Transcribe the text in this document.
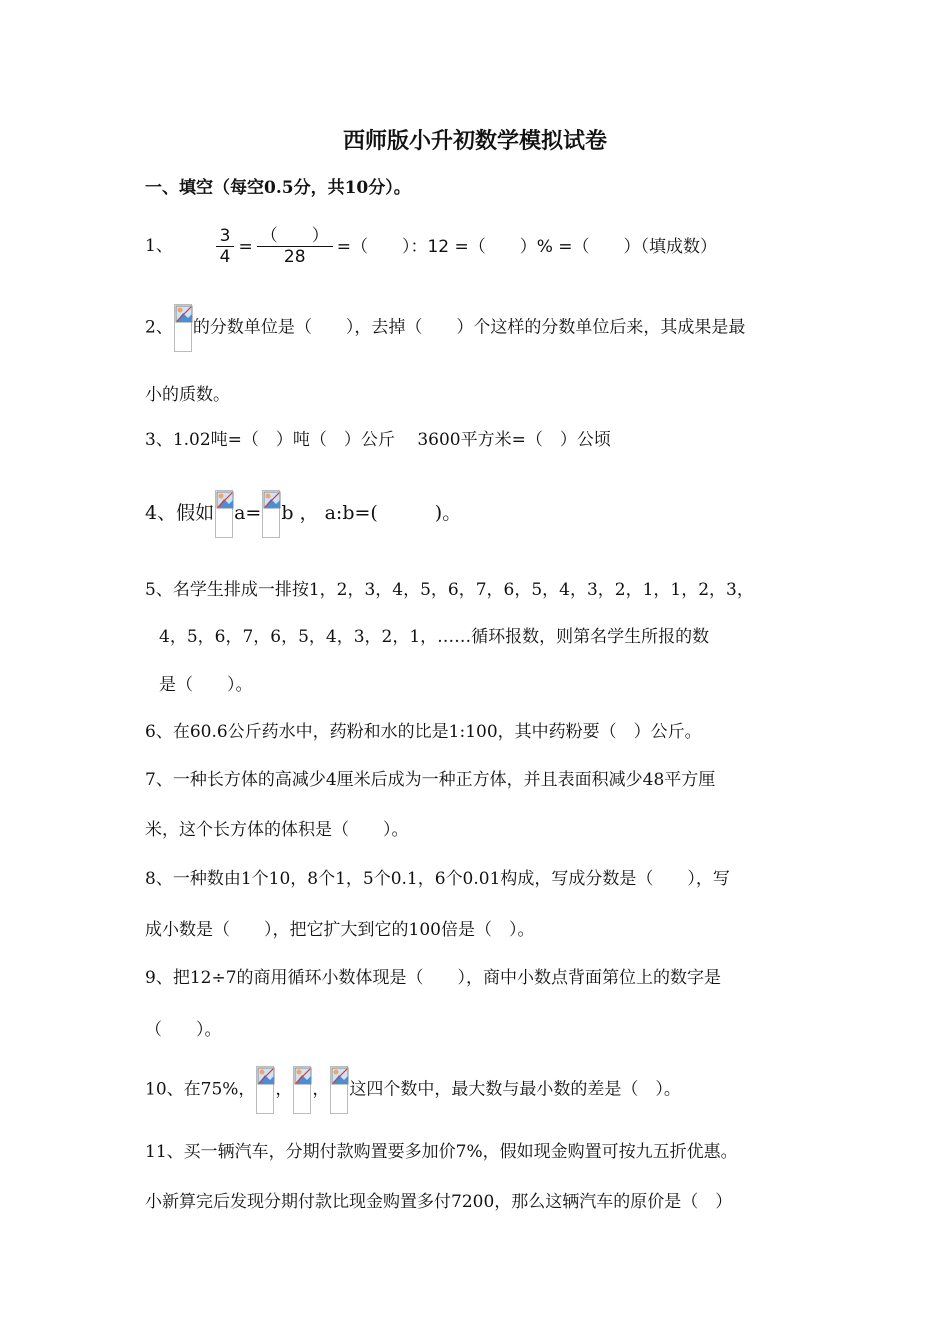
西师版小升初数学模拟试卷
一、填空（每空0.5分，共10分）。
1、	$\frac{3}{4} = \frac{( )}{28}$ =（　　）：12 =（　　）% =（　　）（填成数）
2、 的分数单位是（　　），去掉（　　）个这样的分数单位后来，其成果是最
小的质数。
3、1.02吨=（　）吨（　）公斤　 3600平方米=（　）公顷
4、假如 a= b ， a:b=(　　　)。
5、名学生排成一排按1，2，3，4，5，6，7，6，5，4，3，2，1，1，2，3，
4，5，6，7，6，5，4，3，2，1，……循环报数，则第名学生所报的数
是（　　）。
6、在60.6公斤药水中，药粉和水的比是1:100，其中药粉要（　）公斤。
7、一种长方体的高减少4厘米后成为一种正方体，并且表面积减少48平方厘
米，这个长方体的体积是（　　）。
8、一种数由1个10，8个1，5个0.1，6个0.01构成，写成分数是（　　），写
成小数是（　　），把它扩大到它的100倍是（　）。
9、把12÷7的商用循环小数体现是（　　），商中小数点背面第位上的数字是
（　　）。
10、在75%， ， ， 这四个数中，最大数与最小数的差是（　）。
11、买一辆汽车，分期付款购置要多加价7%，假如现金购置可按九五折优惠。
小新算完后发现分期付款比现金购置多付7200，那么这辆汽车的原价是（　）
